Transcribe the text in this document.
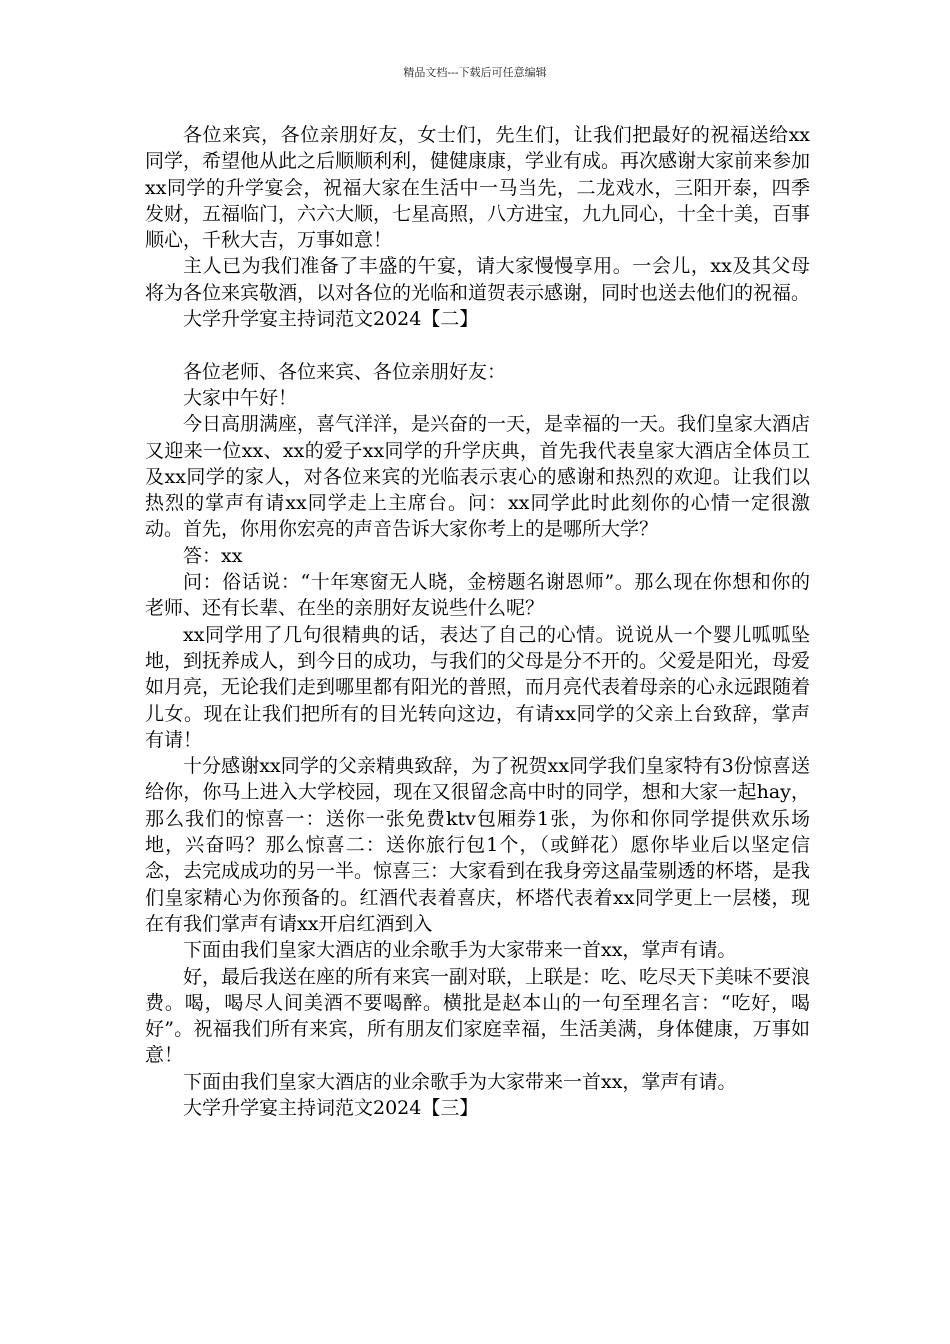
精品文档---下载后可任意编辑

各位来宾，各位亲朋好友，女士们，先生们，让我们把最好的祝福送给xx同学，希望他从此之后顺顺利利，健健康康，学业有成。再次感谢大家前来参加xx同学的升学宴会，祝福大家在生活中一马当先，二龙戏水，三阳开泰，四季发财，五福临门，六六大顺，七星高照，八方进宝，九九同心，十全十美，百事顺心，千秋大吉，万事如意！

主人已为我们准备了丰盛的午宴，请大家慢慢享用。一会儿，xx及其父母将为各位来宾敬酒，以对各位的光临和道贺表示感谢，同时也送去他们的祝福。

大学升学宴主持词范文2024【二】

各位老师、各位来宾、各位亲朋好友：

大家中午好！

今日高朋满座，喜气洋洋，是兴奋的一天，是幸福的一天。我们皇家大酒店又迎来一位xx、xx的爱子xx同学的升学庆典，首先我代表皇家大酒店全体员工及xx同学的家人，对各位来宾的光临表示衷心的感谢和热烈的欢迎。让我们以热烈的掌声有请xx同学走上主席台。问：xx同学此时此刻你的心情一定很激动。首先，你用你宏亮的声音告诉大家你考上的是哪所大学？

答：xx

问：俗话说：“十年寒窗无人晓，金榜题名谢恩师”。那么现在你想和你的老师、还有长辈、在坐的亲朋好友说些什么呢？

xx同学用了几句很精典的话，表达了自己的心情。说说从一个婴儿呱呱坠地，到抚养成人，到今日的成功，与我们的父母是分不开的。父爱是阳光，母爱如月亮，无论我们走到哪里都有阳光的普照，而月亮代表着母亲的心永远跟随着儿女。现在让我们把所有的目光转向这边，有请xx同学的父亲上台致辞，掌声有请！

十分感谢xx同学的父亲精典致辞，为了祝贺xx同学我们皇家特有3份惊喜送给你，你马上进入大学校园，现在又很留念高中时的同学，想和大家一起hay，那么我们的惊喜一：送你一张免费ktv包厢券1张，为你和你同学提供欢乐场地，兴奋吗？那么惊喜二：送你旅行包1个，（或鲜花）愿你毕业后以坚定信念，去完成成功的另一半。惊喜三：大家看到在我身旁这晶莹剔透的杯塔，是我们皇家精心为你预备的。红酒代表着喜庆，杯塔代表着xx同学更上一层楼，现在有我们掌声有请xx开启红酒到入

下面由我们皇家大酒店的业余歌手为大家带来一首xx，掌声有请。

好，最后我送在座的所有来宾一副对联，上联是：吃、吃尽天下美味不要浪费。喝，喝尽人间美酒不要喝醉。横批是赵本山的一句至理名言：“吃好，喝好”。祝福我们所有来宾，所有朋友们家庭幸福，生活美满，身体健康，万事如意！

下面由我们皇家大酒店的业余歌手为大家带来一首xx，掌声有请。

大学升学宴主持词范文2024【三】
